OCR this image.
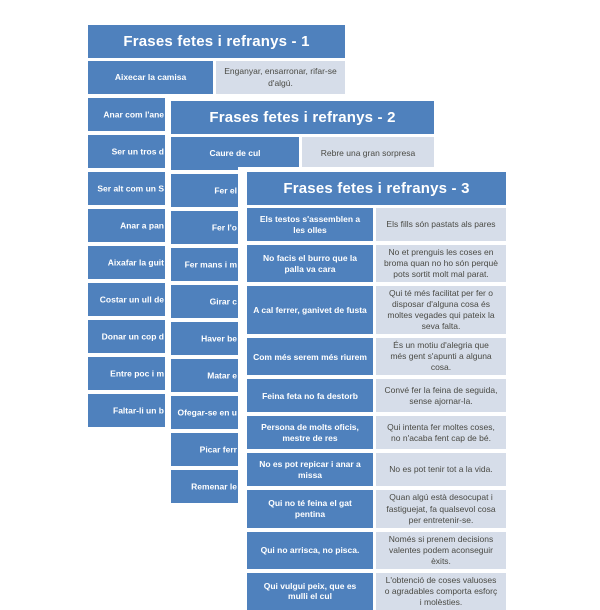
Frases fetes i refranys - 1
Aixecar la camisa
Enganyar, ensarronar, rifar-se d'algú.
Anar com l'ane
Ser un tros d
Ser alt com un S
Anar a pan
Aixafar la guit
Costar un ull de
Donar un cop d
Entre poc i m
Faltar-li un b
Frases fetes i refranys - 2
Caure de cul	Rebre una gran sorpresa
Fer el
Fer l'o
Fer mans i m
Girar c
Haver be
Matar e
Ofegar-se en u
Picar ferr
Remenar le
Frases fetes i refranys - 3
Els testos s'assemblen a les olles
Els fills són pastats als pares
No facis el burro que la palla va cara
No et prenguis les coses en broma quan no ho són perquè pots sortit molt mal parat.
A cal ferrer, ganivet de fusta
Qui té més facilitat per fer o disposar d'alguna cosa és moltes vegades qui pateix la seva falta.
Com més serem més riurem
És un motiu d'alegria que més gent s'apunti a alguna cosa.
Feina feta no fa destorb
Convé fer la feina de seguida, sense ajornar-la.
Persona de molts oficis, mestre de res
Qui intenta fer moltes coses, no n'acaba fent cap de bé.
No es pot repicar i anar a missa
No es pot tenir tot a la vida.
Qui no té feina el gat pentina
Quan algú està desocupat i fastiguejat, fa qualsevol cosa per entretenir-se.
Qui no arrisca, no pisca.
Només si prenem decisions valentes podem aconseguir èxits.
Qui vulgui peix, que es mulli el cul
L'obtenció de coses valuoses o agradables comporta esforç i molèsties.
